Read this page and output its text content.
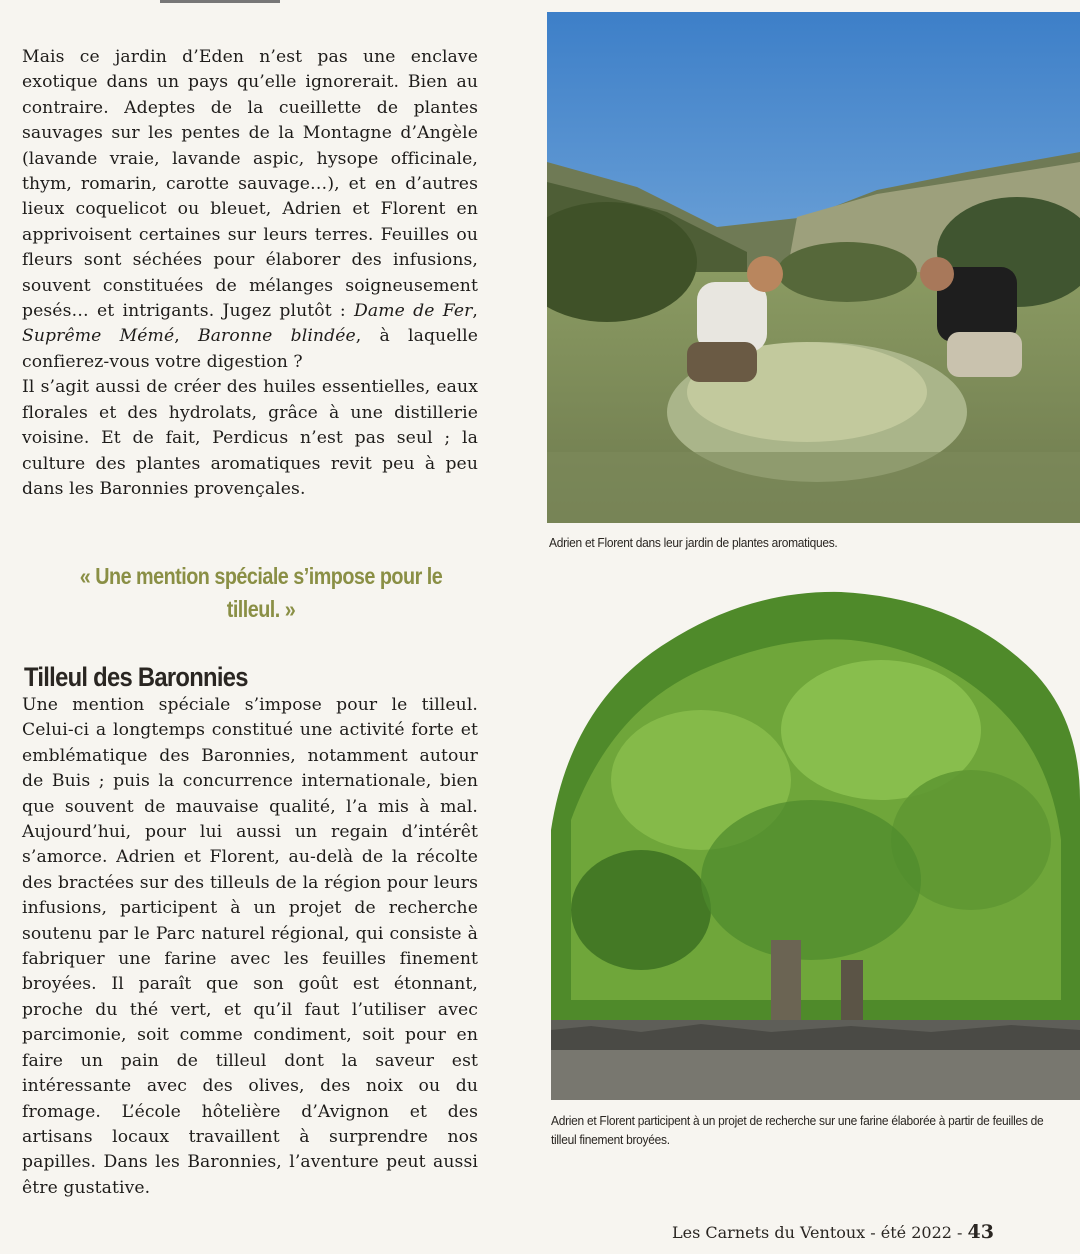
Mais ce jardin d’Eden n’est pas une enclave exotique dans un pays qu’elle ignorerait. Bien au contraire. Adeptes de la cueillette de plantes sauvages sur les pentes de la Montagne d’Angèle (lavande vraie, lavande aspic, hysope officinale, thym, romarin, carotte sauvage…), et en d’autres lieux coquelicot ou bleuet, Adrien et Florent en apprivoisent certaines sur leurs terres. Feuilles ou fleurs sont séchées pour élaborer des infusions, souvent constituées de mélanges soigneusement pesés… et intrigants. Jugez plutôt : Dame de Fer, Suprême Mémé, Baronne blindée, à laquelle confierez-vous votre digestion ?

Il s’agit aussi de créer des huiles essentielles, eaux florales et des hydrolats, grâce à une distillerie voisine. Et de fait, Perdicus n’est pas seul ; la culture des plantes aromatiques revit peu à peu dans les Baronnies provençales.

« Une mention spéciale s’impose pour le tilleul. »
Tilleul des Baronnies

Une mention spéciale s’impose pour le tilleul. Celui-ci a longtemps constitué une activité forte et emblématique des Baronnies, notamment autour de Buis ; puis la concurrence internationale, bien que souvent de mauvaise qualité, l’a mis à mal. Aujourd’hui, pour lui aussi un regain d’intérêt s’amorce. Adrien et Florent, au-delà de la récolte des bractées sur des tilleuls de la région pour leurs infusions, participent à un projet de recherche soutenu par le Parc naturel régional, qui consiste à fabriquer une farine avec les feuilles finement broyées. Il paraît que son goût est étonnant, proche du thé vert, et qu’il faut l’utiliser avec parcimonie, soit comme condiment, soit pour en faire un pain de tilleul dont la saveur est intéressante avec des olives, des noix ou du fromage. L’école hôtelière d’Avignon et des artisans locaux travaillent à surprendre nos papilles. Dans les Baronnies, l’aventure peut aussi être gustative.

Adrien et Florent dans leur jardin de plantes aromatiques.
Adrien et Florent participent à un projet de recherche sur une farine élaborée à partir de feuilles de tilleul finement broyées.
Les Carnets du Ventoux - été 2022 - 43
